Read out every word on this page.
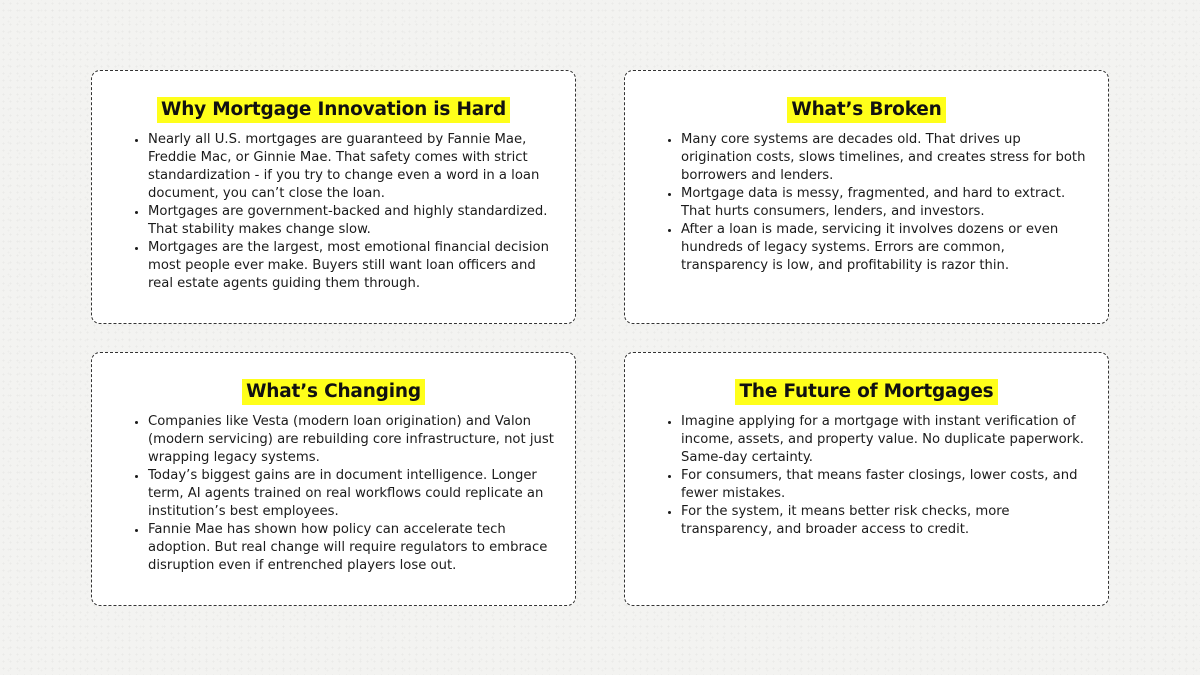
Why Mortgage Innovation is Hard
• Nearly all U.S. mortgages are guaranteed by Fannie Mae, Freddie Mac, or Ginnie Mae. That safety comes with strict standardization - if you try to change even a word in a loan document, you can’t close the loan.
• Mortgages are government-backed and highly standardized. That stability makes change slow.
• Mortgages are the largest, most emotional financial decision most people ever make. Buyers still want loan officers and real estate agents guiding them through.
What’s Broken
• Many core systems are decades old. That drives up origination costs, slows timelines, and creates stress for both borrowers and lenders.
• Mortgage data is messy, fragmented, and hard to extract. That hurts consumers, lenders, and investors.
• After a loan is made, servicing it involves dozens or even hundreds of legacy systems. Errors are common, transparency is low, and profitability is razor thin.
What’s Changing
• Companies like Vesta (modern loan origination) and Valon (modern servicing) are rebuilding core infrastructure, not just wrapping legacy systems.
• Today’s biggest gains are in document intelligence. Longer term, AI agents trained on real workflows could replicate an institution’s best employees.
• Fannie Mae has shown how policy can accelerate tech adoption. But real change will require regulators to embrace disruption even if entrenched players lose out.
The Future of Mortgages
• Imagine applying for a mortgage with instant verification of income, assets, and property value. No duplicate paperwork. Same-day certainty.
• For consumers, that means faster closings, lower costs, and fewer mistakes.
• For the system, it means better risk checks, more transparency, and broader access to credit.
